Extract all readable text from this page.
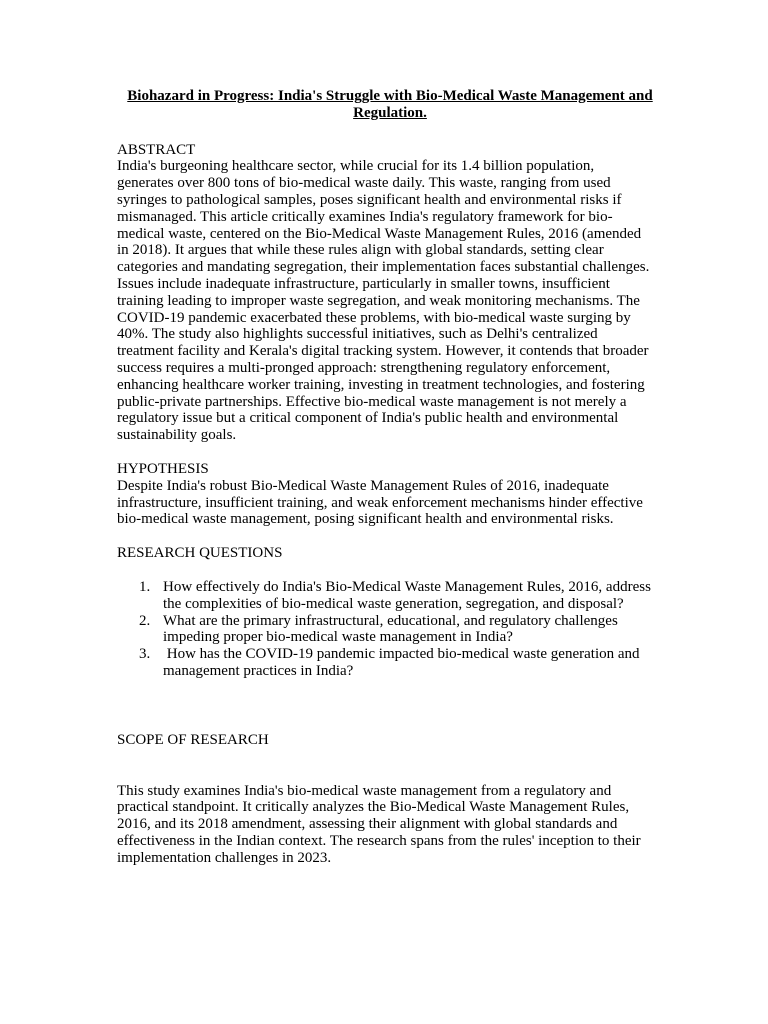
Biohazard in Progress: India's Struggle with Bio-Medical Waste Management and Regulation.

ABSTRACT

India's burgeoning healthcare sector, while crucial for its 1.4 billion population, generates over 800 tons of bio-medical waste daily. This waste, ranging from used syringes to pathological samples, poses significant health and environmental risks if mismanaged. This article critically examines India's regulatory framework for bio-medical waste, centered on the Bio-Medical Waste Management Rules, 2016 (amended in 2018). It argues that while these rules align with global standards, setting clear categories and mandating segregation, their implementation faces substantial challenges. Issues include inadequate infrastructure, particularly in smaller towns, insufficient training leading to improper waste segregation, and weak monitoring mechanisms. The COVID-19 pandemic exacerbated these problems, with bio-medical waste surging by 40%. The study also highlights successful initiatives, such as Delhi's centralized treatment facility and Kerala's digital tracking system. However, it contends that broader success requires a multi-pronged approach: strengthening regulatory enforcement, enhancing healthcare worker training, investing in treatment technologies, and fostering public-private partnerships. Effective bio-medical waste management is not merely a regulatory issue but a critical component of India's public health and environmental sustainability goals.

HYPOTHESIS

Despite India's robust Bio-Medical Waste Management Rules of 2016, inadequate infrastructure, insufficient training, and weak enforcement mechanisms hinder effective bio-medical waste management, posing significant health and environmental risks.

RESEARCH QUESTIONS

1. How effectively do India's Bio-Medical Waste Management Rules, 2016, address the complexities of bio-medical waste generation, segregation, and disposal?
2. What are the primary infrastructural, educational, and regulatory challenges impeding proper bio-medical waste management in India?
3. How has the COVID-19 pandemic impacted bio-medical waste generation and management practices in India?

SCOPE OF RESEARCH

This study examines India's bio-medical waste management from a regulatory and practical standpoint. It critically analyzes the Bio-Medical Waste Management Rules, 2016, and its 2018 amendment, assessing their alignment with global standards and effectiveness in the Indian context. The research spans from the rules' inception to their implementation challenges in 2023.
